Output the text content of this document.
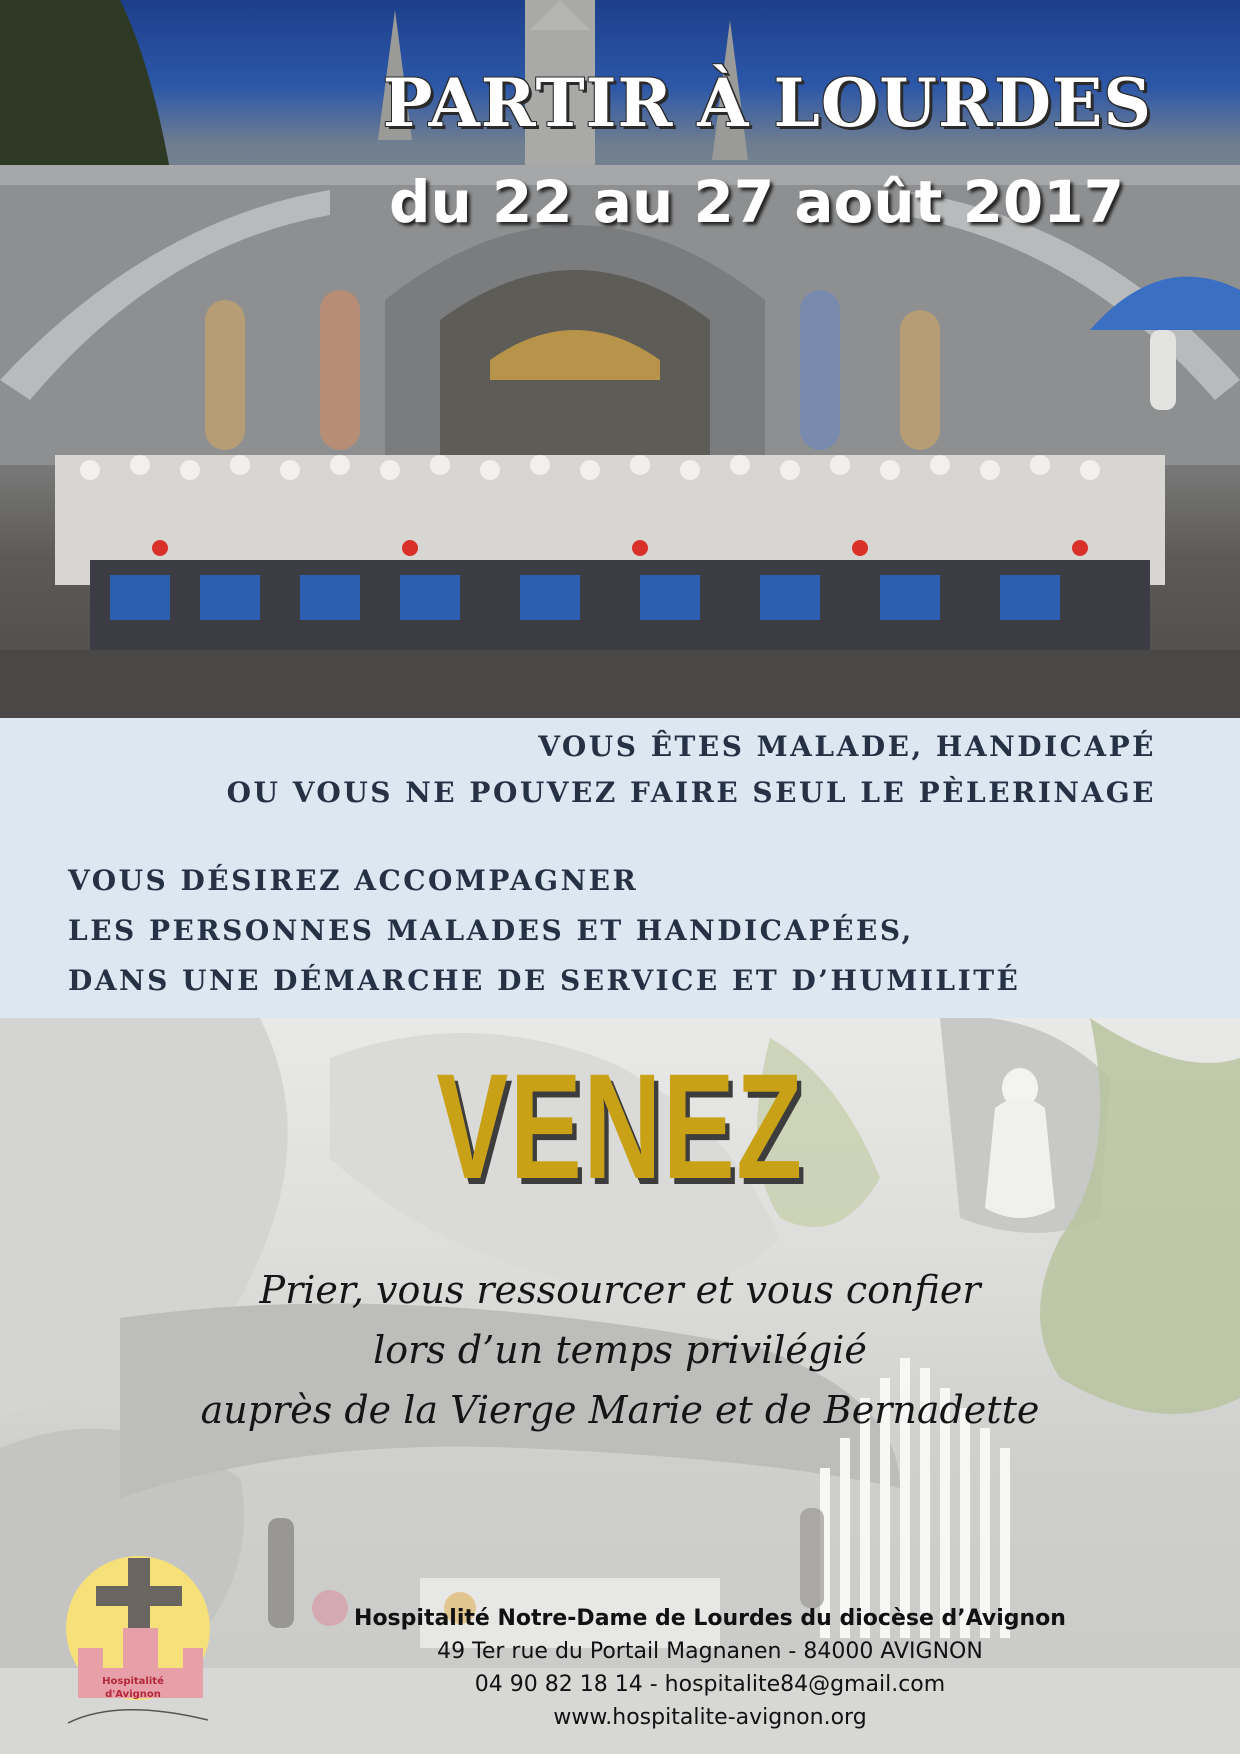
PARTIR À LOURDES
du 22 au 27 août 2017

VOUS ÊTES MALADE, HANDICAPÉ

OU VOUS NE POUVEZ FAIRE SEUL LE PÈLERINAGE

VOUS DÉSIREZ ACCOMPAGNER

LES PERSONNES MALADES ET HANDICAPÉES,

DANS UNE DÉMARCHE DE SERVICE ET D’HUMILITÉ

VENEZ

Prier, vous ressourcer et vous confier

lors d’un temps privilégié

auprès de la Vierge Marie et de Bernadette

Hospitalité
d'Avignon

Hospitalité Notre-Dame de Lourdes du diocèse d’Avignon

49 Ter rue du Portail Magnanen - 84000 AVIGNON

04 90 82 18 14 - hospitalite84@gmail.com

www.hospitalite-avignon.org
